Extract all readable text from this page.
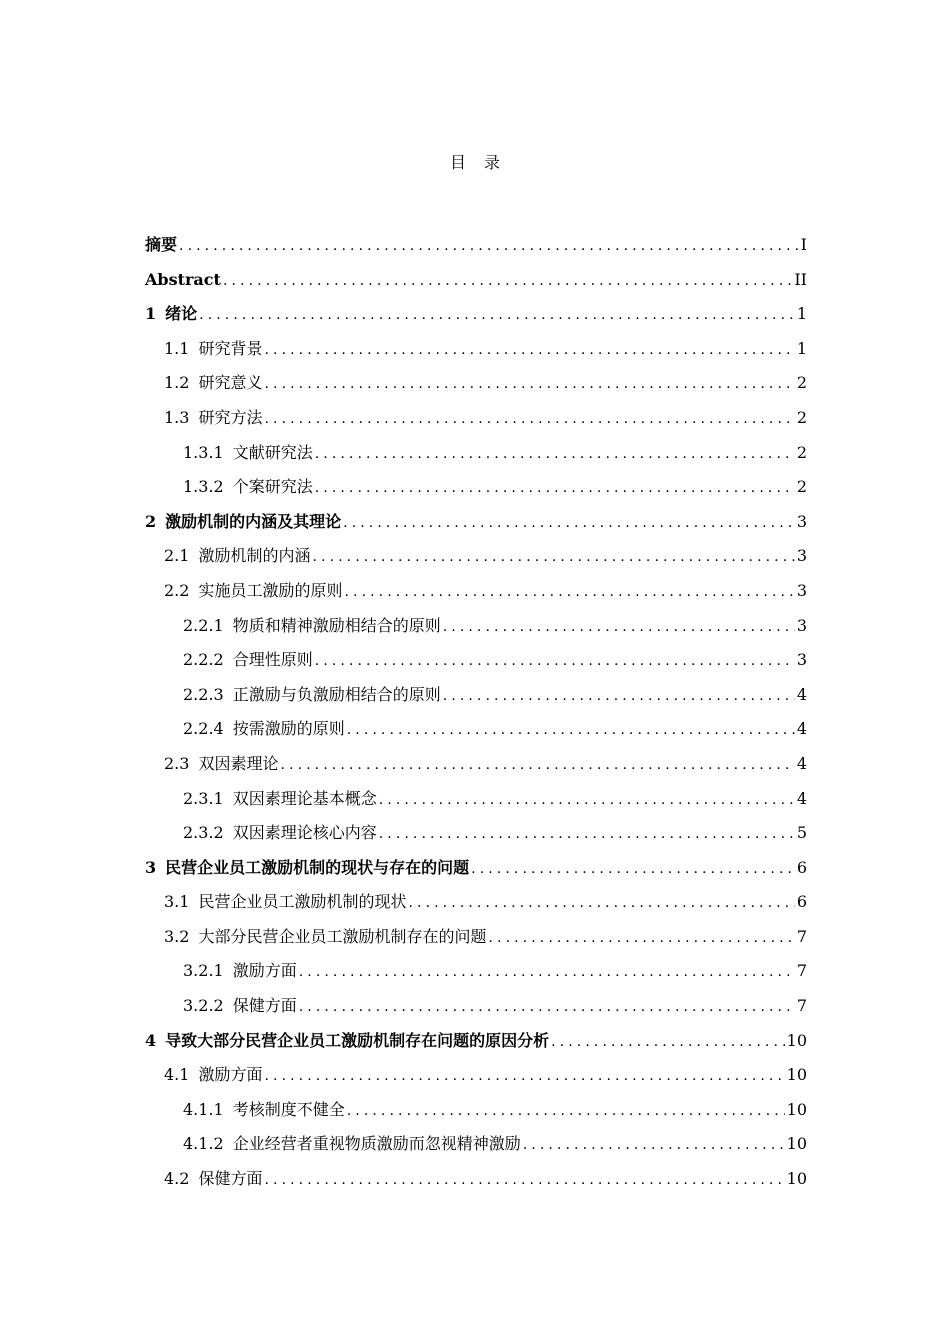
目 录
摘要 .....	I
Abstract .....	II
1 绪论 .....	1
1.1 研究背景 .....	1
1.2 研究意义 .....	2
1.3 研究方法 .....	2
1.3.1 文献研究法 .....	2
1.3.2 个案研究法 .....	2
2 激励机制的内涵及其理论 .....	3
2.1 激励机制的内涵 .....	3
2.2 实施员工激励的原则 .....	3
2.2.1 物质和精神激励相结合的原则 .....	3
2.2.2 合理性原则 .....	3
2.2.3 正激励与负激励相结合的原则 .....	4
2.2.4 按需激励的原则 .....	4
2.3 双因素理论 .....	4
2.3.1 双因素理论基本概念 .....	4
2.3.2 双因素理论核心内容 .....	5
3 民营企业员工激励机制的现状与存在的问题 .....	6
3.1 民营企业员工激励机制的现状 .....	6
3.2 大部分民营企业员工激励机制存在的问题 .....	7
3.2.1 激励方面 .....	7
3.2.2 保健方面 .....	7
4 导致大部分民营企业员工激励机制存在问题的原因分析 .....	10
4.1 激励方面 .....	10
4.1.1 考核制度不健全 .....	10
4.1.2 企业经营者重视物质激励而忽视精神激励 .....	10
4.2 保健方面 .....	10
